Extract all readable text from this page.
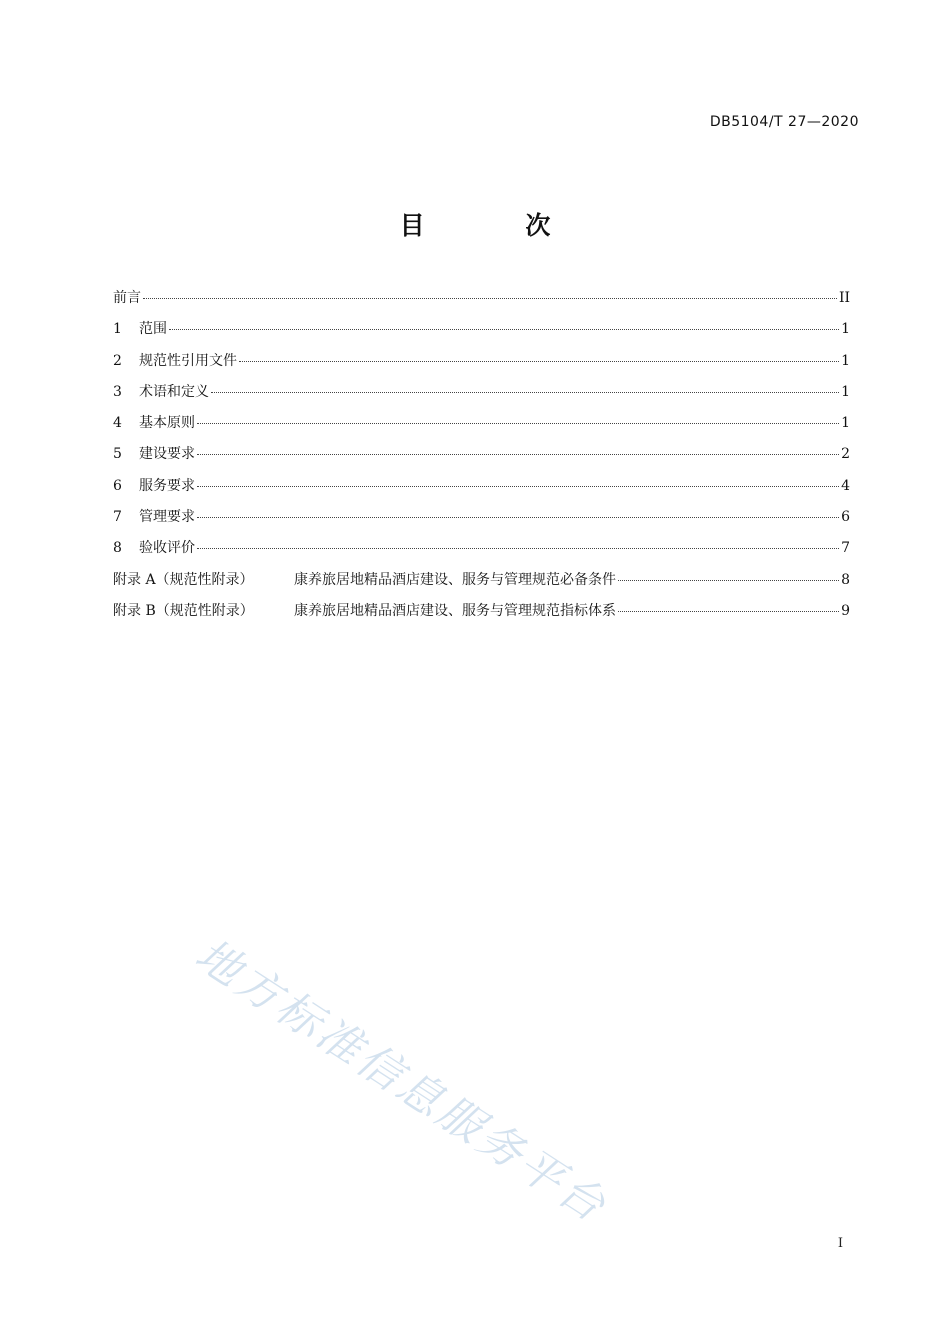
DB5104/T 27—2020
目 次
前言	II
1	范围	1
2	规范性引用文件	1
3	术语和定义	1
4	基本原则	1
5	建设要求	2
6	服务要求	4
7	管理要求	6
8	验收评价	7
附录 A（规范性附录）	康养旅居地精品酒店建设、服务与管理规范必备条件	8
附录 B（规范性附录）	康养旅居地精品酒店建设、服务与管理规范指标体系	9
地方标准信息服务平台
I
